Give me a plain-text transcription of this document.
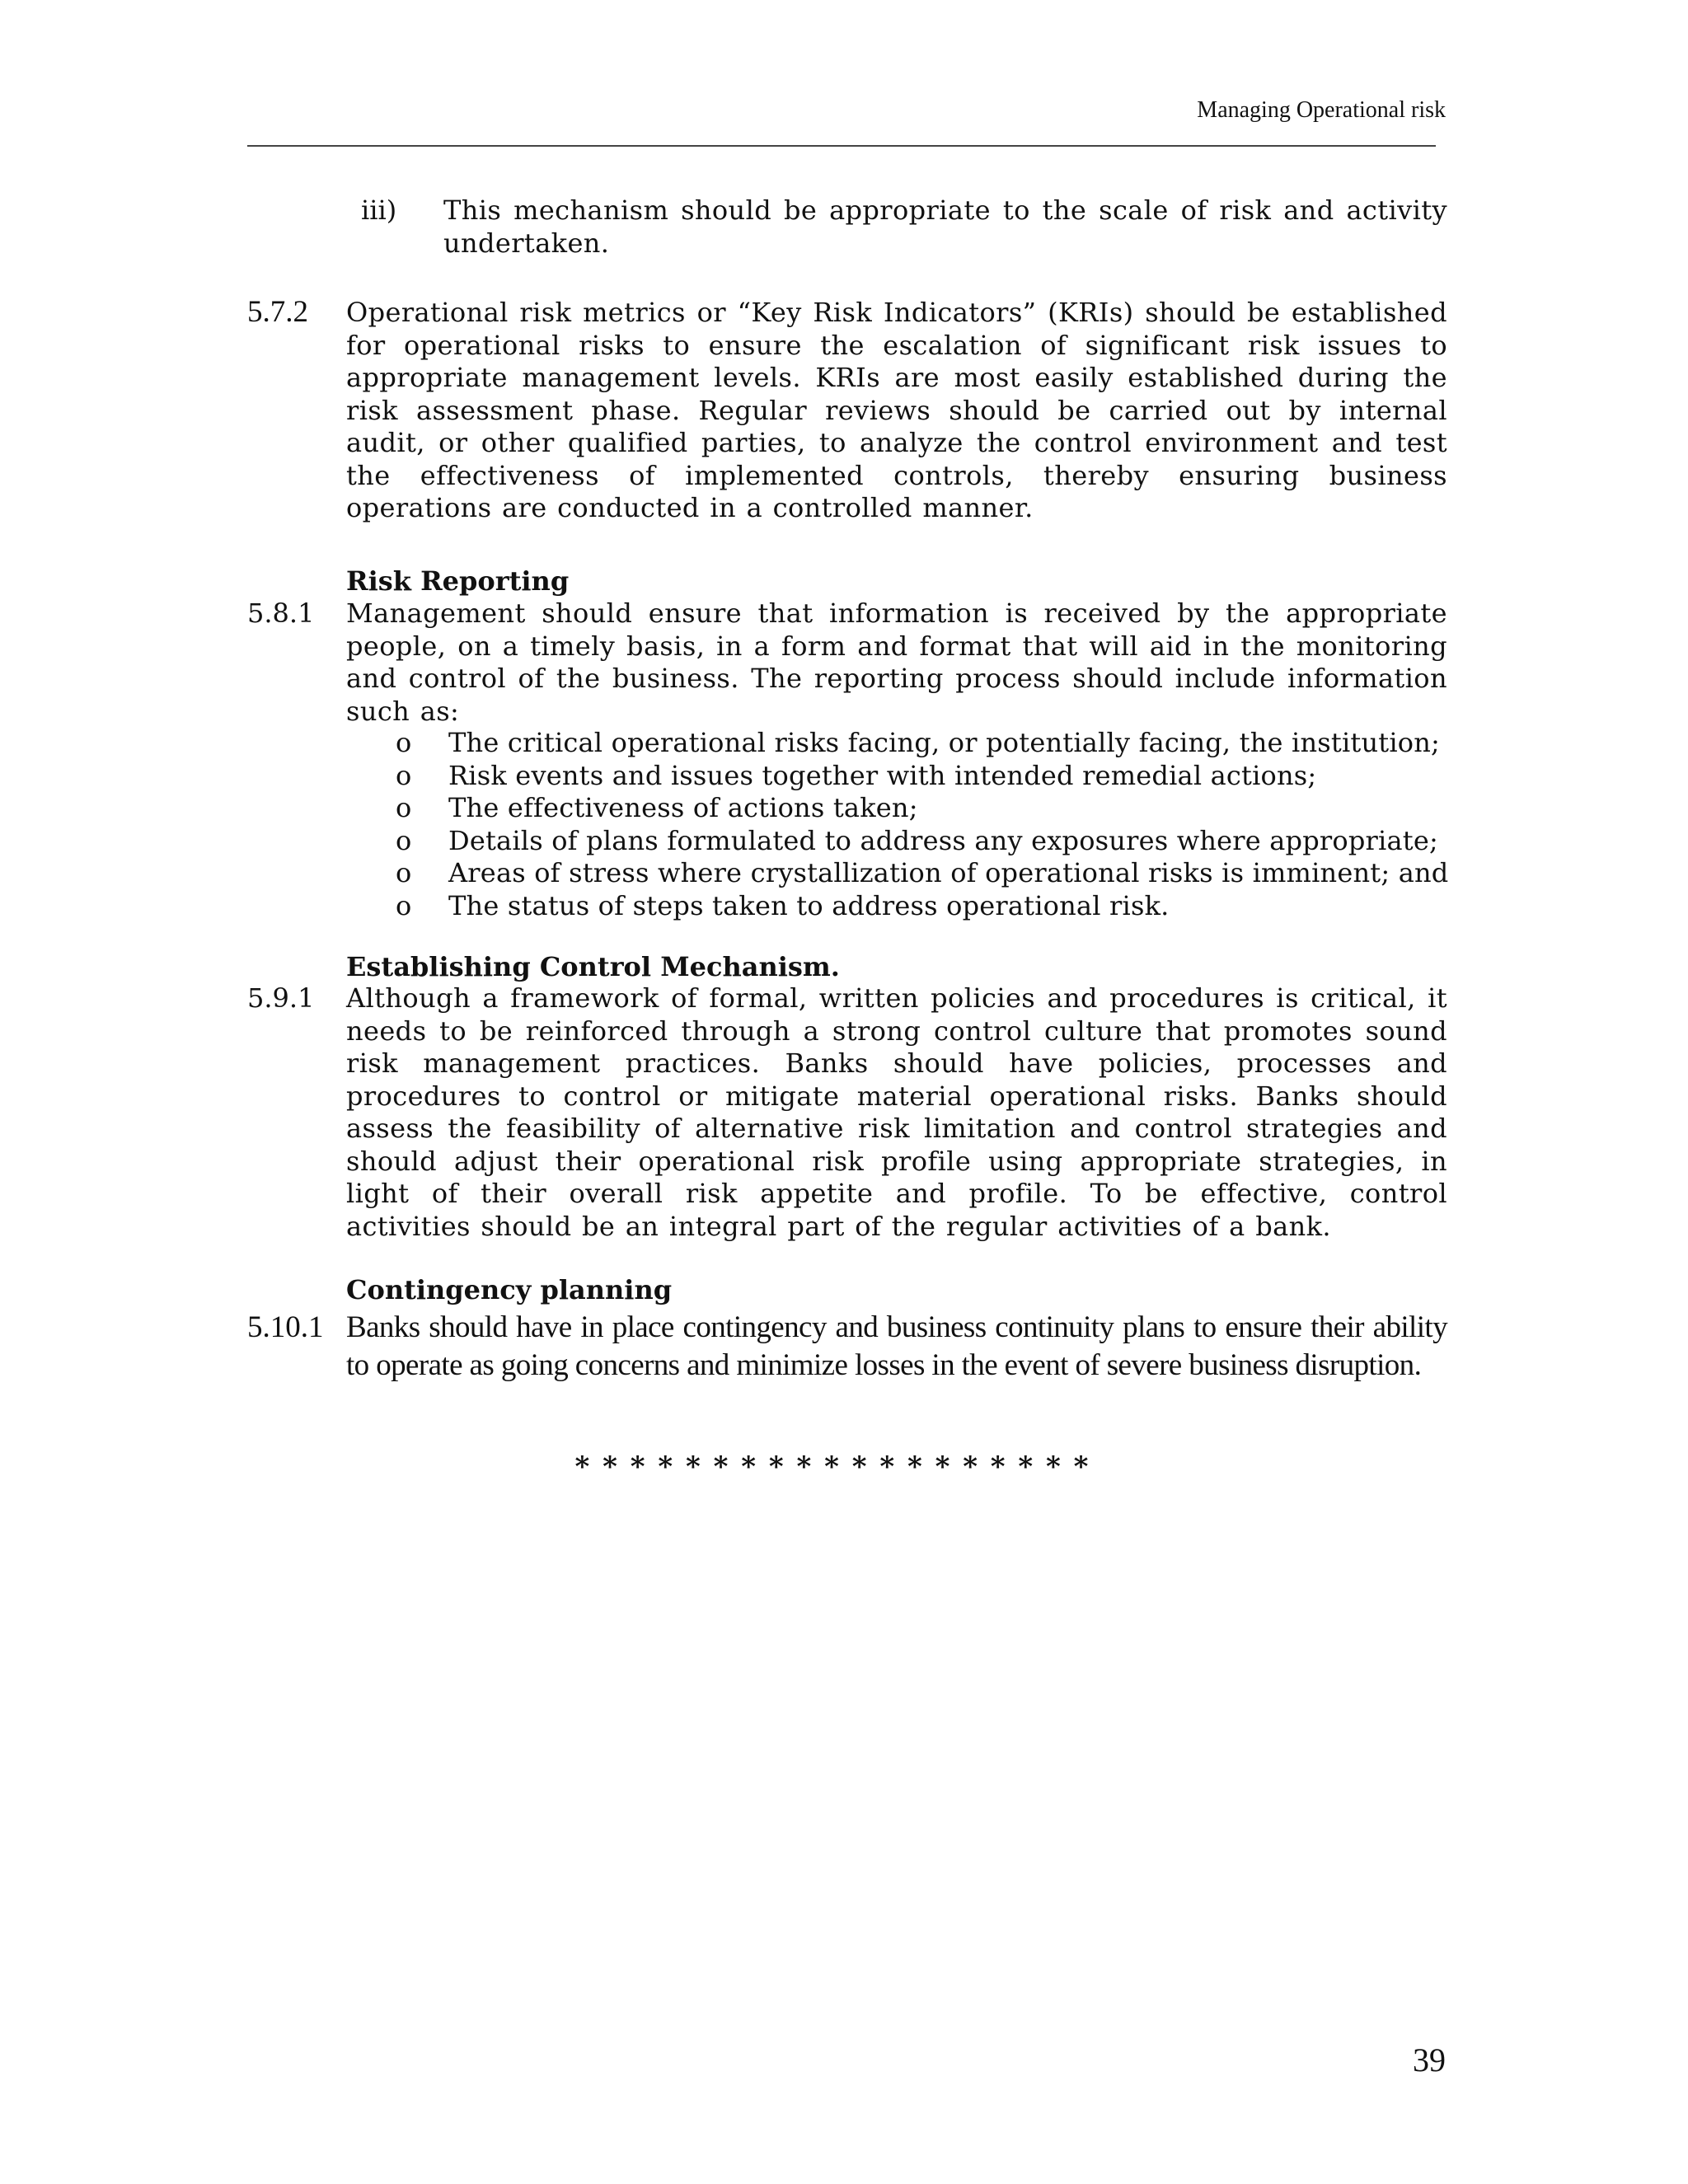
Managing Operational risk
iii) This mechanism should be appropriate to the scale of risk and activity undertaken.
5.7.2 Operational risk metrics or “Key Risk Indicators” (KRIs) should be established for operational risks to ensure the escalation of significant risk issues to appropriate management levels. KRIs are most easily established during the risk assessment phase. Regular reviews should be carried out by internal audit, or other qualified parties, to analyze the control environment and test the effectiveness of implemented controls, thereby ensuring business operations are conducted in a controlled manner.
Risk Reporting
5.8.1 Management should ensure that information is received by the appropriate people, on a timely basis, in a form and format that will aid in the monitoring and control of the business. The reporting process should include information such as:
o The critical operational risks facing, or potentially facing, the institution;
o Risk events and issues together with intended remedial actions;
o The effectiveness of actions taken;
o Details of plans formulated to address any exposures where appropriate;
o Areas of stress where crystallization of operational risks is imminent; and
o The status of steps taken to address operational risk.
Establishing Control Mechanism.
5.9.1 Although a framework of formal, written policies and procedures is critical, it needs to be reinforced through a strong control culture that promotes sound risk management practices. Banks should have policies, processes and procedures to control or mitigate material operational risks. Banks should assess the feasibility of alternative risk limitation and control strategies and should adjust their operational risk profile using appropriate strategies, in light of their overall risk appetite and profile. To be effective, control activities should be an integral part of the regular activities of a bank.
Contingency planning
5.10.1 Banks should have in place contingency and business continuity plans to ensure their ability to operate as going concerns and minimize losses in the event of severe business disruption.
* * * * * * * * * * * * * * * * * * *
39
